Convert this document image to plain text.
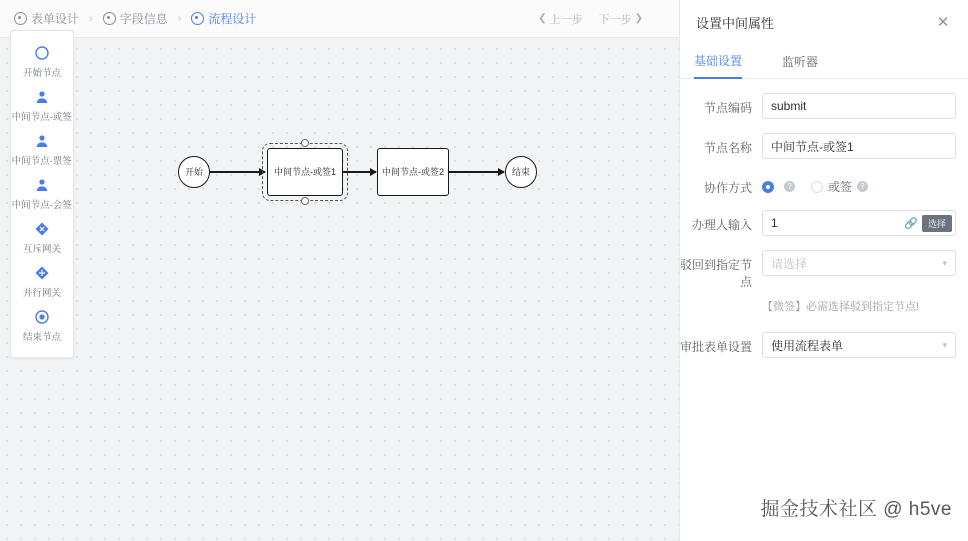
表单设计 › 字段信息 › 流程设计	❮ 上一步 下一步 ❯
开始节点
中间节点-或签
中间节点-票签
中间节点-会签
互斥网关
并行网关
结束节点
开始	中间节点-或签1	中间节点-或签2	结束
设置中间属性	✕
基础设置	监听器
节点编码
submit
节点名称
中间节点-或签1
协作方式	?	或签	?
办理人输入
1	🔗	选择
驳回到指定节点
请选择	▾
【微签】必需选择驳到指定节点!
审批表单设置	使用流程表单	▾
掘金技术社区 @ h5ve
